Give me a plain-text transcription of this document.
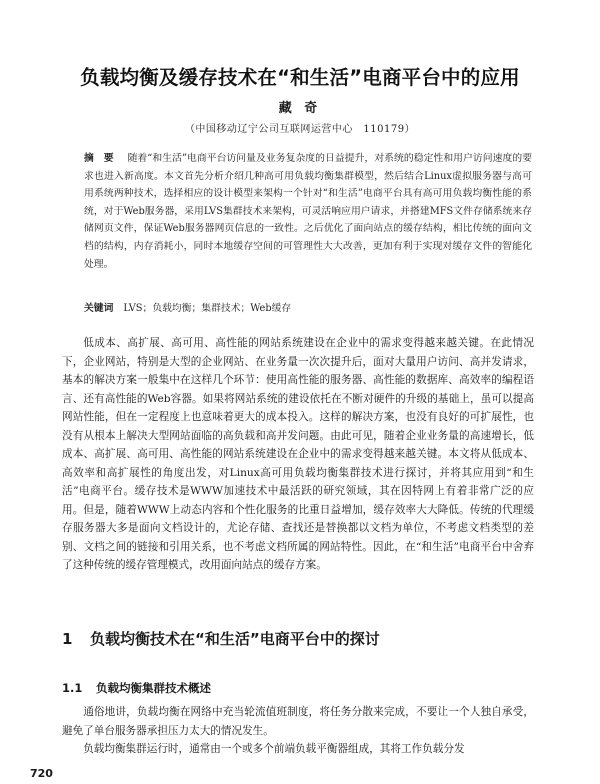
负载均衡及缓存技术在“和生活”电商平台中的应用
藏 奇
（中国移动辽宁公司互联网运营中心　110179）
摘　要 随着“和生活”电商平台访问量及业务复杂度的日益提升，对系统的稳定性和用户访问速度的要求也进入新高度。本文首先分析介绍几种高可用负载均衡集群模型，然后结合Linux虚拟服务器与高可用系统两种技术，选择相应的设计模型来架构一个针对“和生活”电商平台具有高可用负载均衡性能的系统，对于Web服务器，采用LVS集群技术来架构，可灵活响应用户请求，并搭建MFS文件存储系统来存储网页文件，保证Web服务器网页信息的一致性。之后优化了面向站点的缓存结构，相比传统的面向文档的结构，内存消耗小，同时本地缓存空间的可管理性大大改善，更加有利于实现对缓存文件的智能化处理。
关键词 LVS；负载均衡；集群技术；Web缓存

低成本、高扩展、高可用、高性能的网站系统建设在企业中的需求变得越来越关键。在此情况下，企业网站，特别是大型的企业网站、在业务量一次次提升后，面对大量用户访问、高并发请求，基本的解决方案一般集中在这样几个环节：使用高性能的服务器、高性能的数据库、高效率的编程语言、还有高性能的Web容器。如果将网站系统的建设依托在不断对硬件的升级的基础上，虽可以提高网站性能，但在一定程度上也意味着更大的成本投入。这样的解决方案，也没有良好的可扩展性，也没有从根本上解决大型网站面临的高负载和高并发问题。由此可见，随着企业业务量的高速增长，低成本、高扩展、高可用、高性能的网站系统建设在企业中的需求变得越来越关键。本文将从低成本、高效率和高扩展性的角度出发，对Linux高可用负载均衡集群技术进行探讨，并将其应用到“和生活”电商平台。缓存技术是WWW加速技术中最活跃的研究领域，其在因特网上有着非常广泛的应用。但是，随着WWW上动态内容和个性化服务的比重日益增加，缓存效率大大降低。传统的代理缓存服务器大多是面向文档设计的，尤论存储、查找还是替换都以文档为单位，不考虑文档类型的差别、文档之间的链接和引用关系，也不考虑文档所属的网站特性。因此，在“和生活”电商平台中舍弃了这种传统的缓存管理模式，改用面向站点的缓存方案。

1 负载均衡技术在“和生活”电商平台中的探讨
1.1 负载均衡集群技术概述

通俗地讲，负载均衡在网络中充当轮流值班制度，将任务分散来完成，不要让一个人独自承受，避免了单台服务器承担压力太大的情况发生。

负载均衡集群运行时，通常由一个或多个前端负载平衡器组成，其将工作负载分发

720
